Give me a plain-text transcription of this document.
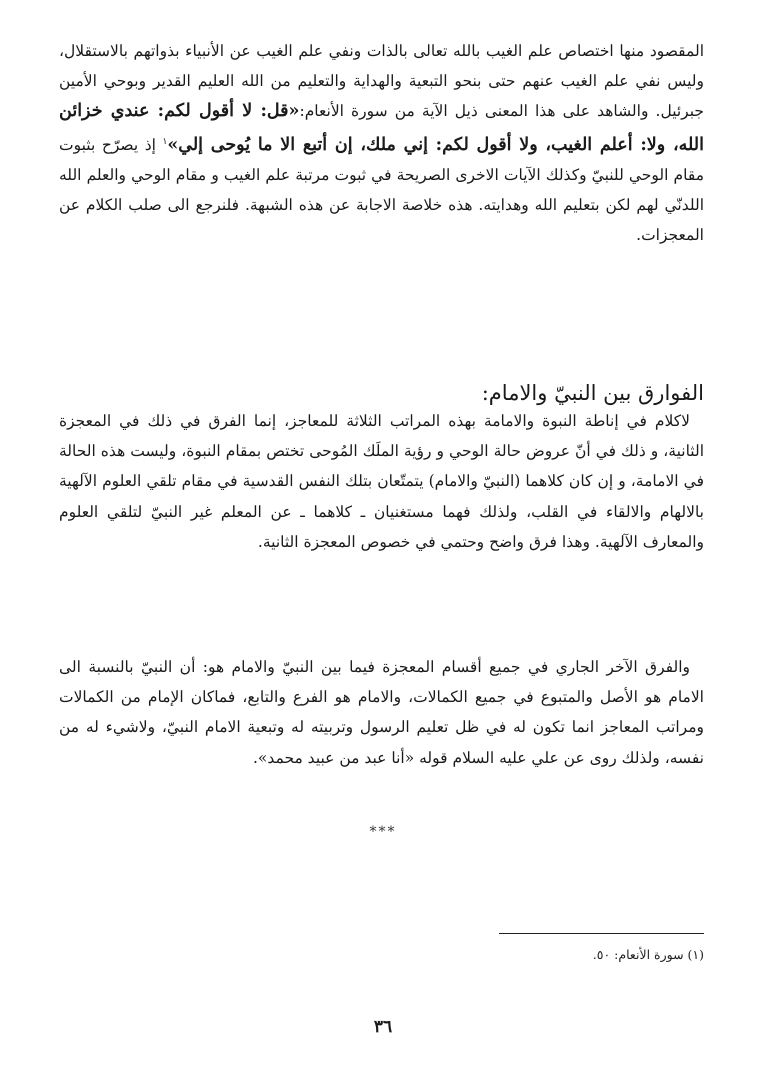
المقصود منها اختصاص علم الغيب بالله تعالى بالذات ونفي علم الغيب عن الأنبياء بذواتهم بالاستقلال، وليس نفي علم الغيب عنهم حتى بنحو التبعية والهداية والتعليم من الله العليم القدير وبوحي الأمين جبرئيل. والشاهد على هذا المعنى ذيل الآية من سورة الأنعام:«قل: لا أقول لكم: عندي خزائن الله، ولا: أعلم الغيب، ولا أقول لكم: إني ملك، إن أتبع الا ما يُوحى إلي»$^١$ إذ يصرّح بثبوت مقام الوحي للنبيّ وكذلك الآيات الاخرى الصريحة في ثبوت مرتبة علم الغيب و مقام الوحي والعلم الله اللدنّي لهم لكن بتعليم الله وهدايته. هذه خلاصة الاجابة عن هذه الشبهة. فلنرجع الى صلب الكلام عن المعجزات.
الفوارق بين النبيّ والامام:
لاكلام في إناطة النبوة والامامة بهذه المراتب الثلاثة للمعاجز، إنما الفرق في ذلك في المعجزة الثانية، و ذلك في أنّ عروض حالة الوحي و رؤية الملَك المُوحى تختص بمقام النبوة، وليست هذه الحالة في الامامة، و إن كان كلاهما (النبيّ والامام) يتمتّعان بتلك النفس القدسية في مقام تلقي العلوم الآلهية بالالهام والالقاء في القلب، ولذلك فهما مستغنيان ـ كلاهما ـ عن المعلم غير النبيّ لتلقي العلوم والمعارف الآلهية. وهذا فرق واضح وحتمي في خصوص المعجزة الثانية.
والفرق الآخر الجاري في جميع أقسام المعجزة فيما بين النبيّ والامام هو: أن النبيّ بالنسبة الى الامام هو الأصل والمتبوع في جميع الكمالات، والامام هو الفرع والتابع، فماكان الإمام من الكمالات ومراتب المعاجز انما تكون له في ظل تعليم الرسول وتربيته له وتبعية الامام النبيّ، ولاشيء له من نفسه، ولذلك روى عن علي عليه السلام قوله «أنا عبد من عبيد محمد».
***
(١) سورة الأنعام: ٥٠.
٣٦
